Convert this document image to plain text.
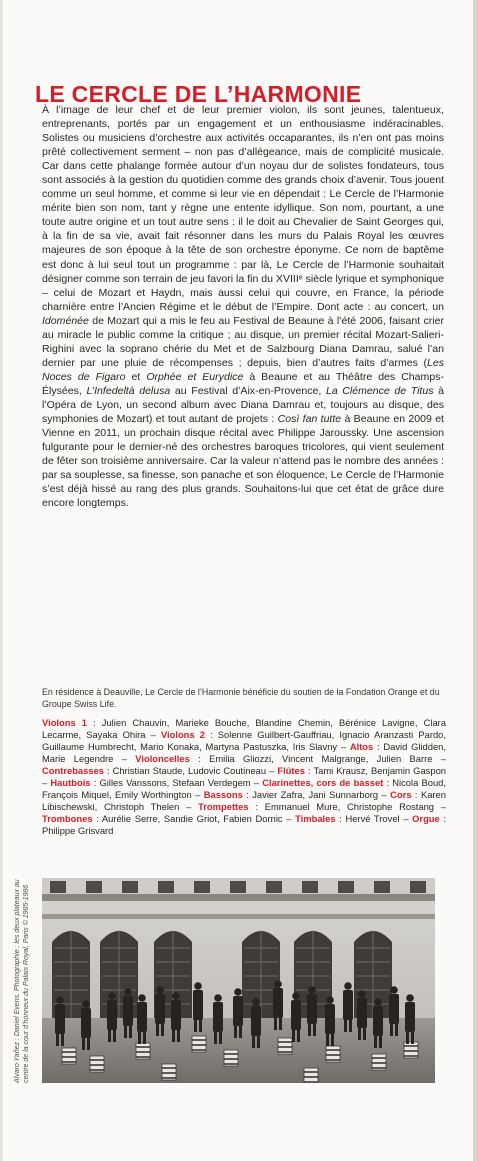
LE CERCLE DE L’HARMONIE

À l’image de leur chef et de leur premier violon, ils sont jeunes, talentueux, entreprenants, portés par un engagement et un enthousiasme indéracinables. Solistes ou musiciens d’orchestre aux activités occaparantes, ils n’en ont pas moins prêté collectivement serment – non pas d’allégeance, mais de complicité musicale. Car dans cette phalange formée autour d’un noyau dur de solistes fondateurs, tous sont associés à la gestion du quotidien comme des grands choix d’avenir. Tous jouent comme un seul homme, et comme si leur vie en dépendait : Le Cercle de l’Harmonie mérite bien son nom, tant y règne une entente idyllique. Son nom, pourtant, a une toute autre origine et un tout autre sens : il le doit au Chevalier de Saint Georges qui, à la fin de sa vie, avait fait résonner dans les murs du Palais Royal les œuvres majeures de son époque à la tête de son orchestre éponyme. Ce nom de baptême est donc à lui seul tout un programme : par là, Le Cercle de l’Harmonie souhaitait désigner comme son terrain de jeu favori la fin du XVIIIᵉ siècle lyrique et symphonique – celui de Mozart et Haydn, mais aussi celui qui couvre, en France, la période charnière entre l’Ancien Régime et le début de l’Empire. Dont acte : au concert, un Idoménée de Mozart qui a mis le feu au Festival de Beaune à l’été 2006, faisant crier au miracle le public comme la critique ; au disque, un premier récital Mozart-Salieri-Righini avec la soprano chérie du Met et de Salzbourg Diana Damrau, salué l’an dernier par une pluie de récompenses ; depuis, bien d’autres faits d’armes (Les Noces de Figaro et Orphée et Eurydice à Beaune et au Théâtre des Champs-Élysées, L’Infedeltà delusa au Festival d’Aix-en-Provence, La Clémence de Titus à l’Opéra de Lyon, un second album avec Diana Damrau et, toujours au disque, des symphonies de Mozart) et tout autant de projets : Così fan tutte à Beaune en 2009 et Vienne en 2011, un prochain disque récital avec Philippe Jaroussky. Une ascension fulgurante pour le dernier-né des orchestres baroques tricolores, qui vient seulement de fêter son troisième anniversaire. Car la valeur n’attend pas le nombre des années : par sa souplesse, sa finesse, son panache et son éloquence, Le Cercle de l’Harmonie s’est déjà hissé au rang des plus grands. Souhaitons-lui que cet état de grâce dure encore longtemps.

En résidence à Deauville, Le Cercle de l’Harmonie bénéficie du soutien de la Fondation Orange et du Groupe Swiss Life.
Violons 1 : Julien Chauvin, Marieke Bouche, Blandine Chemin, Bérénice Lavigne, Clara Lecarme, Sayaka Ohira – Violons 2 : Solenne Guilbert-Gauffriau, Ignacio Aranzasti Pardo, Guillaume Humbrecht, Mario Konaka, Martyna Pastuszka, Iris Slavny – Altos : David Glidden, Marie Legendre – Violoncelles : Emilia Gliozzi, Vincent Malgrange, Julien Barre – Contrebasses : Christian Staude, Ludovic Coutineau – Flûtes : Tami Krausz, Benjamin Gaspon – Hautbois : Gilles Vanssons, Stefaan Verdegem – Clarinettes, cors de basset : Nicola Boud, François Miquel, Emily Worthington – Bassons : Javier Zafra, Jani Sunnarborg – Cors : Karen Libischewski, Christoph Thelen – Trompettes : Emmanuel Mure, Christophe Rostang – Trombones : Aurélie Serre, Sandie Griot, Fabien Dornic – Timbales : Hervé Trovel – Orgue : Philippe Grisvard
Alvaro Yañez : Daniel Evens. Photographie : les deux plateaux au centre de la cour d’honneur du Palais Royal, Paris © 1985-1986
